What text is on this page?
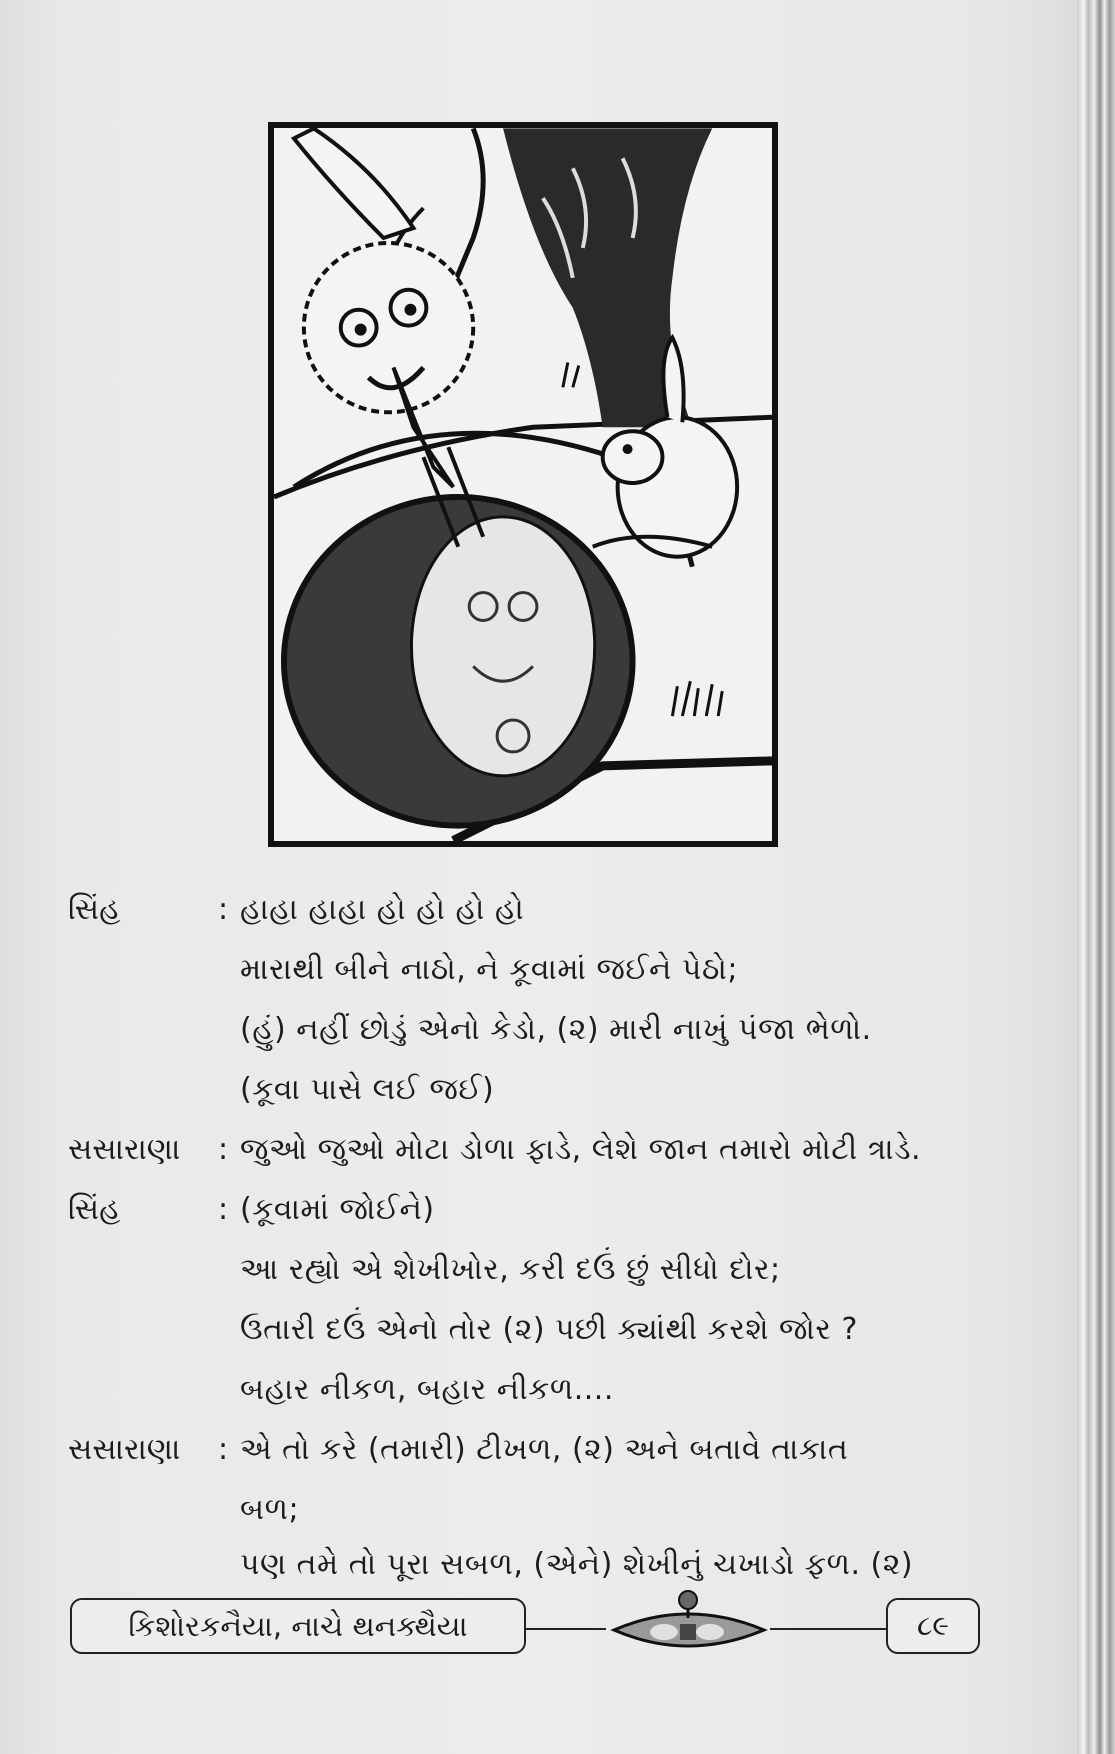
સિંહ	: હાહા હાહા હો હો હો હો
મારાથી બીને નાઠો, ને કૂવામાં જઈને પેઠો;
(હું) નહીં છોડું એનો કેડો, (૨) મારી નાખું પંજા ભેળો.
(કૂવા પાસે લઈ જઈ)
સસારાણા : જુઓ જુઓ મોટા ડોળા ફાડે, લેશે જાન તમારો મોટી ત્રાડે.
સિંહ	: (કૂવામાં જોઈને)
આ રહ્યો એ શેખીખોર, કરી દઉં છું સીધો દોર;
ઉતારી દઉં એનો તોર (૨) પછી ક્યાંથી કરશે જોર ?
બહાર નીકળ, બહાર નીકળ....
સસારાણા : એ તો કરે (તમારી) ટીખળ, (૨) અને બતાવે તાકાત
બળ;
પણ તમે તો પૂરા સબળ, (એને) શેખીનું ચખાડો ફળ. (૨)
કિશોરકનૈયા, નાચે થનક્થૈયા	૮૯
